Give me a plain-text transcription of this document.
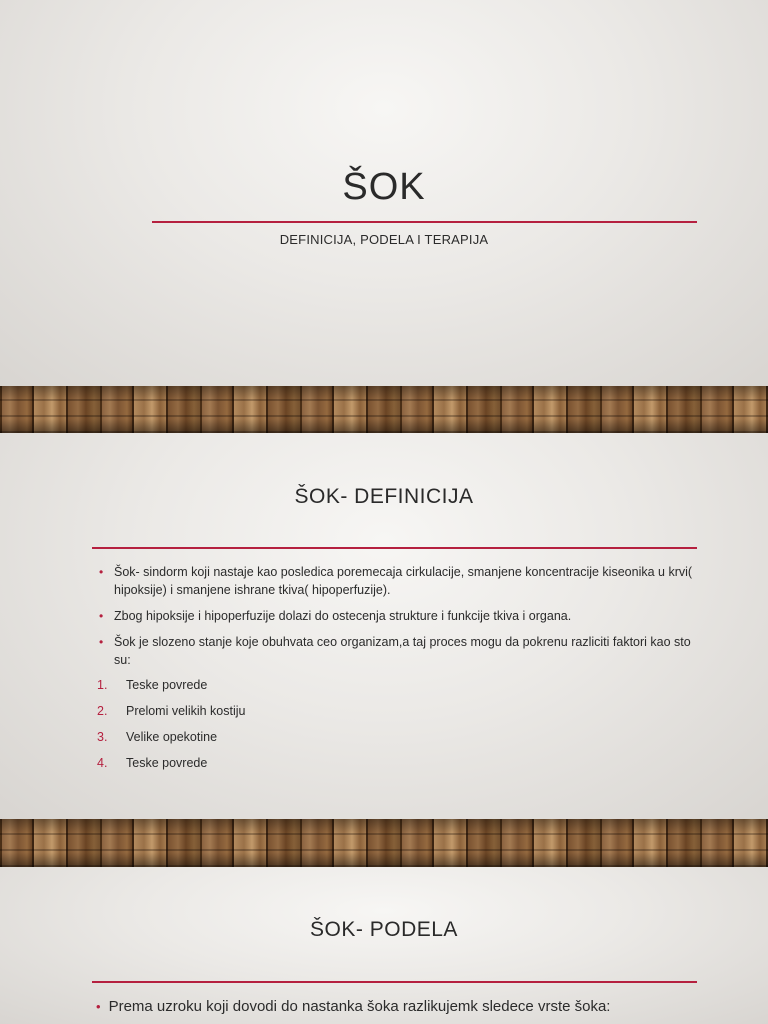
ŠOK
DEFINICIJA, PODELA I TERAPIJA
ŠOK- DEFINICIJA
• Šok- sindorm koji nastaje kao posledica poremecaja cirkulacije, smanjene koncentracije kiseonika u krvi( hipoksije) i smanjene ishrane tkiva( hipoperfuzije).
• Zbog hipoksije i hipoperfuzije dolazi do ostecenja strukture i funkcije tkiva i organa.
• Šok je slozeno stanje koje obuhvata ceo organizam,a taj proces mogu da pokrenu razliciti faktori kao sto su:
1. Teske povrede
2. Prelomi velikih kostiju
3. Velike opekotine
4. Teske povrede
ŠOK- PODELA
• Prema uzroku koji dovodi do nastanka šoka razlikujemk sledece vrste šoka:
